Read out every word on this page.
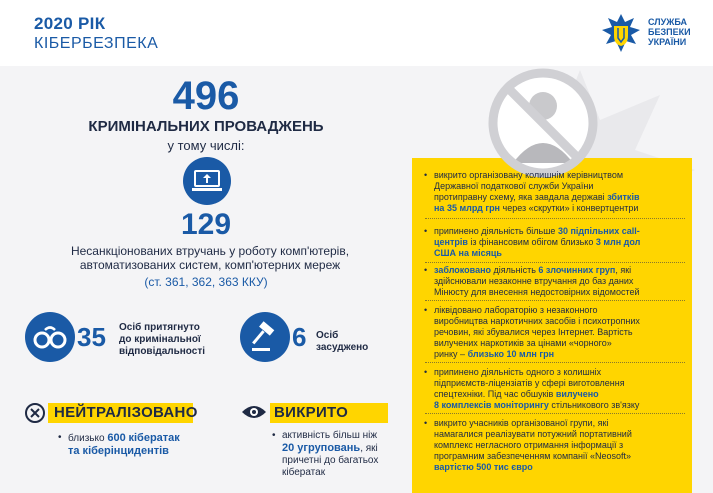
2020 РІК
КІБЕРБЕЗПЕКА
СЛУЖБА
БЕЗПЕКИ
УКРАЇНИ
496
КРИМІНАЛЬНИХ ПРОВАДЖЕНЬ
у тому числі:
129
Несанкціонованих втручань у роботу комп'ютерів, автоматизованих систем, комп'ютерних мереж
(ст. 361, 362, 363 ККУ)
35 Осіб притягнуто
до кримінальної
відповідальності	6 Осіб
засуджено
НЕЙТРАЛІЗОВАНО
• близько 600 кібератак
та кіберінцидентів
ВИКРИТО
• активність більш ніж
20 угруповань, які
причетні до багатьох
кібератак
• викрито організовану колишнім керівництвом
Державної податкової служби України
протиправну схему, яка завдала державі збитків
на 35 млрд грн через «скрутки» і конвертцентри
• припинено діяльність більше 30 підпільних call-
центрів із фінансовим обігом близько 3 млн дол
США на місяць
• заблоковано діяльність 6 злочинних груп, які
здійснювали незаконне втручання до баз даних
Мінюсту для внесення недостовірних відомостей
• ліквідовано лабораторію з незаконного
виробництва наркотичних засобів і психотропних
речовин, які збувалися через Інтернет. Вартість
вилучених наркотиків за цінами «чорного»
ринку – близько 10 млн грн
• припинено діяльність одного з колишніх
підприємств-ліцензіатів у сфері виготовлення
спецтехніки. Під час обшуків вилучено
8 комплексів моніторингу стільникового зв'язку
• викрито учасників організованої групи, які
намагалися реалізувати потужний портативний
комплекс негласного отримання інформації з
програмним забезпеченням компанії «Neosoft»
вартістю 500 тис євро
